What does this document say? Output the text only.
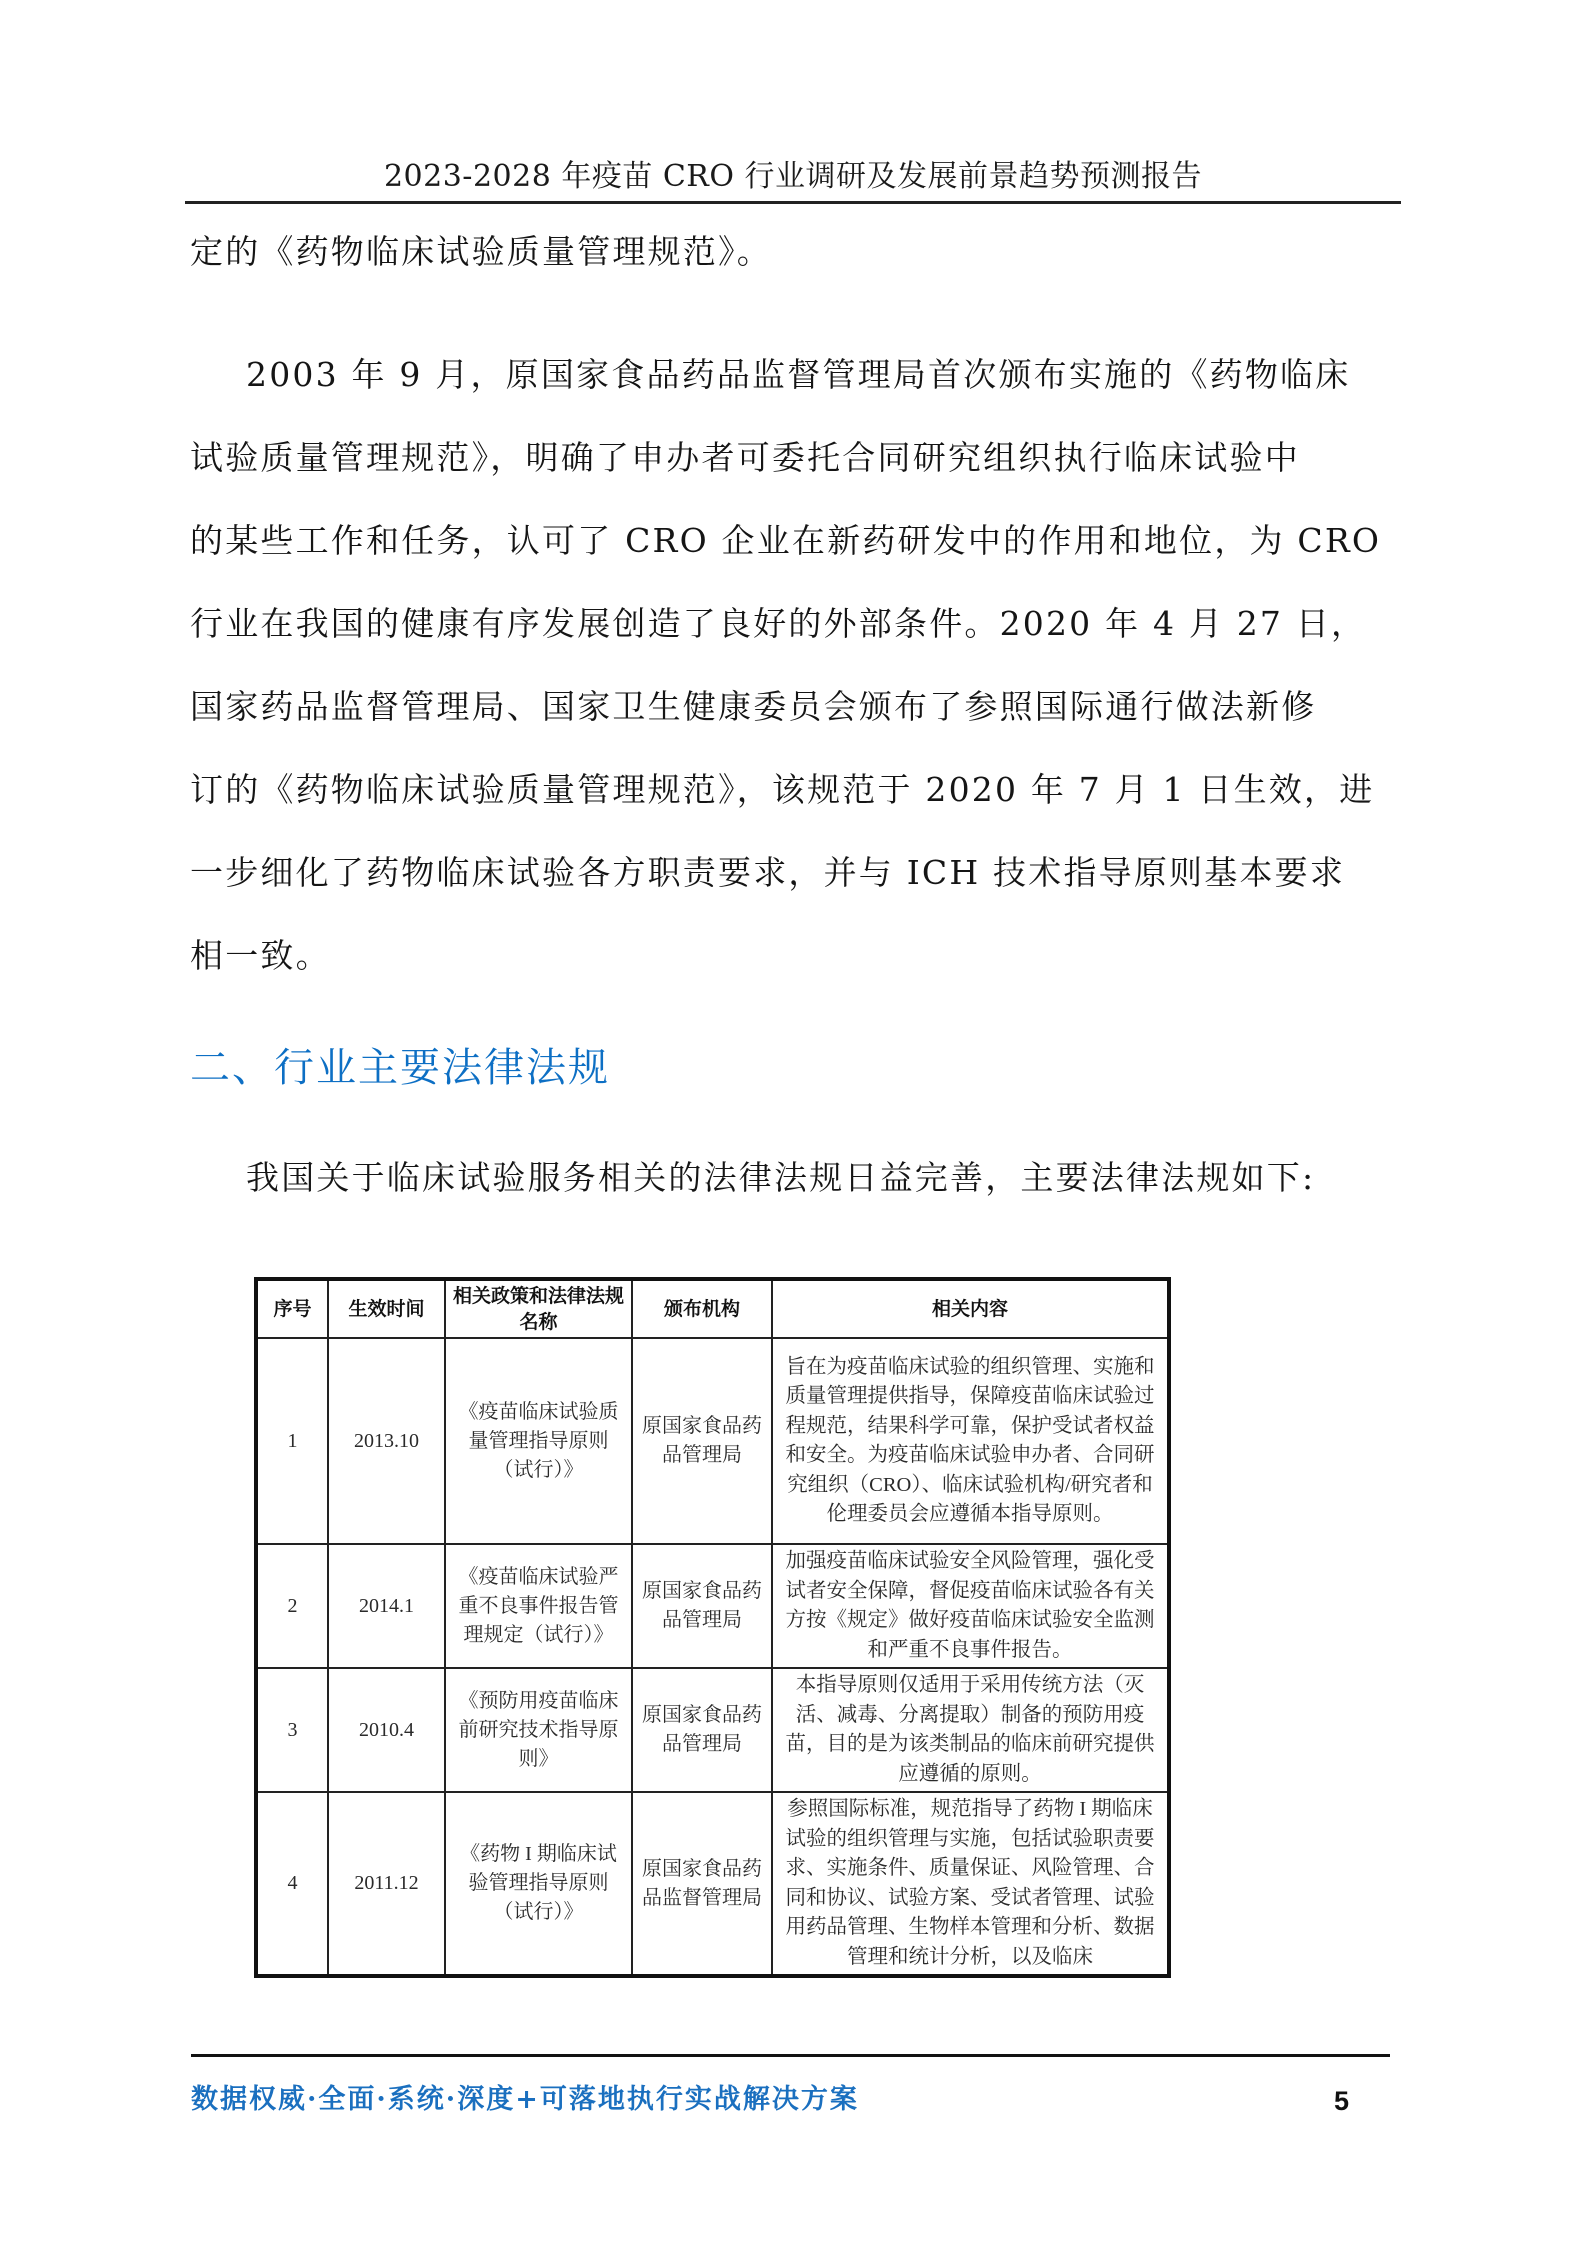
2023-2028 年疫苗 CRO 行业调研及发展前景趋势预测报告
定的《药物临床试验质量管理规范》。
2003 年 9 月，原国家食品药品监督管理局首次颁布实施的《药物临床
试验质量管理规范》，明确了申办者可委托合同研究组织执行临床试验中
的某些工作和任务，认可了 CRO 企业在新药研发中的作用和地位，为 CRO
行业在我国的健康有序发展创造了良好的外部条件。2020 年 4 月 27 日，
国家药品监督管理局、国家卫生健康委员会颁布了参照国际通行做法新修
订的《药物临床试验质量管理规范》，该规范于 2020 年 7 月 1 日生效，进
一步细化了药物临床试验各方职责要求，并与 ICH 技术指导原则基本要求
相一致。
二、行业主要法律法规
我国关于临床试验服务相关的法律法规日益完善，主要法律法规如下:
序号	生效时间	相关政策和法律法规名称	颁布机构	相关内容
1	2013.10	《疫苗临床试验质量管理指导原则（试行）》	原国家食品药品管理局	旨在为疫苗临床试验的组织管理、实施和质量管理提供指导，保障疫苗临床试验过程规范，结果科学可靠，保护受试者权益和安全。为疫苗临床试验申办者、合同研究组织（CRO）、临床试验机构/研究者和伦理委员会应遵循本指导原则。
2	2014.1	《疫苗临床试验严重不良事件报告管理规定（试行）》	原国家食品药品管理局	加强疫苗临床试验安全风险管理，强化受试者安全保障，督促疫苗临床试验各有关方按《规定》做好疫苗临床试验安全监测和严重不良事件报告。
3	2010.4	《预防用疫苗临床前研究技术指导原则》	原国家食品药品管理局	本指导原则仅适用于采用传统方法（灭活、减毒、分离提取）制备的预防用疫苗，目的是为该类制品的临床前研究提供应遵循的原则。
4	2011.12	《药物 I 期临床试验管理指导原则（试行）》	原国家食品药品监督管理局	参照国际标准，规范指导了药物 I 期临床试验的组织管理与实施，包括试验职责要求、实施条件、质量保证、风险管理、合同和协议、试验方案、受试者管理、试验用药品管理、生物样本管理和分析、数据管理和统计分析，以及临床
数据权威·全面·系统·深度+可落地执行实战解决方案	5
